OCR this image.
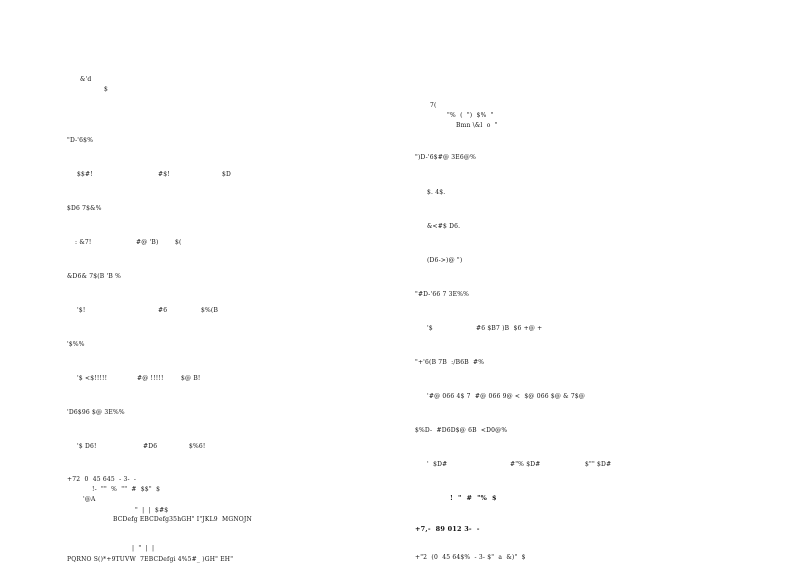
&'d
$
"D-'6$%
$$#!	#$!	$D
$D6 7$&%
: &7!	#@ 'B)	$(
&D6& 7$(B 'B %
'$!	#6	$%(B
'$%%
'$ <$!!!!!	#@ !!!!!	$@ B!
'D6$96 $@ 3E%%
'$ D6!	#D6	$%6!
+72  0  45 645  - 3-  -
!-  ""  %  ""  #  $$"  $
'@A
"  |  |  $#$
BCDefg EBCDefg35hGH" I"JKL9  MGNOJN
|  "  |  |
PQRNO S()*+9TUVW  7EBCDefgi 4%5#_ )GH" EH"
7(
"%  (  ")  $%  "
Bmn \&l  o  "
")D-'6$#@ 3E6@%
$. 4$.
&<#$ D6.
(D6->)@ ")
"#D-'66 7 3E%%
'$	#6 $B7 )B  $6 +@ +
"+'6(B 7B  :/B6B  #%
'#@ 066 4$ 7  #@ 066 9@ <  $@ 066 $@ & 7$@
$%D-  #D6D$@ 6B  <D0@%
'  $D#	#"% $D#	$"" $D#
!  "  #  "%  $
+7,-  89 012 3-  -
+"2  (0  45 64$%  - 3- $"  a  &)"  $
